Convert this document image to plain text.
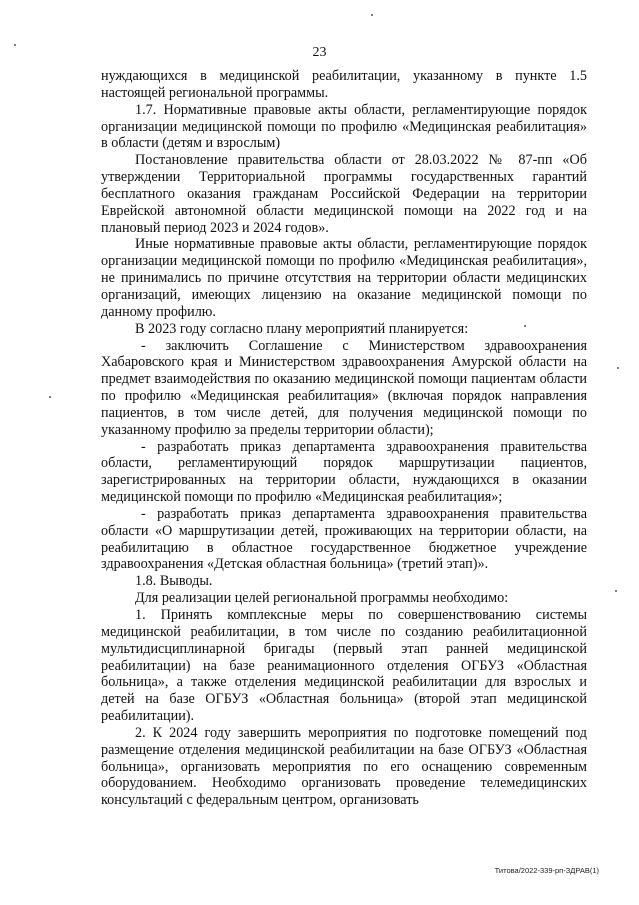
23

нуждающихся в медицинской реабилитации, указанному в пункте 1.5 настоящей региональной программы.

1.7. Нормативные правовые акты области, регламентирующие порядок организации медицинской помощи по профилю «Медицинская реабилитация» в области (детям и взрослым)

Постановление правительства области от 28.03.2022 № 87-пп «Об утверждении Территориальной программы государственных гарантий бесплатного оказания гражданам Российской Федерации на территории Еврейской автономной области медицинской помощи на 2022 год и на плановый период 2023 и 2024 годов».

Иные нормативные правовые акты области, регламентирующие порядок организации медицинской помощи по профилю «Медицинская реабилитация», не принимались по причине отсутствия на территории области медицинских организаций, имеющих лицензию на оказание медицинской помощи по данному профилю.

В 2023 году согласно плану мероприятий планируется:

- заключить Соглашение с Министерством здравоохранения Хабаровского края и Министерством здравоохранения Амурской области на предмет взаимодействия по оказанию медицинской помощи пациентам области по профилю «Медицинская реабилитация» (включая порядок направления пациентов, в том числе детей, для получения медицинской помощи по указанному профилю за пределы территории области);

- разработать приказ департамента здравоохранения правительства области, регламентирующий порядок маршрутизации пациентов, зарегистрированных на территории области, нуждающихся в оказании медицинской помощи по профилю «Медицинская реабилитация»;

- разработать приказ департамента здравоохранения правительства области «О маршрутизации детей, проживающих на территории области, на реабилитацию в областное государственное бюджетное учреждение здравоохранения «Детская областная больница» (третий этап)».

1.8. Выводы.

Для реализации целей региональной программы необходимо:

1. Принять комплексные меры по совершенствованию системы медицинской реабилитации, в том числе по созданию реабилитационной мультидисциплинарной бригады (первый этап ранней медицинской реабилитации) на базе реанимационного отделения ОГБУЗ «Областная больница», а также отделения медицинской реабилитации для взрослых и детей на базе ОГБУЗ «Областная больница» (второй этап медицинской реабилитации).

2. К 2024 году завершить мероприятия по подготовке помещений под размещение отделения медицинской реабилитации на базе ОГБУЗ «Областная больница», организовать мероприятия по его оснащению современным оборудованием. Необходимо организовать проведение телемедицинских консультаций с федеральным центром, организовать

Титова/2022-339-рп-ЗДРАВ(1)
